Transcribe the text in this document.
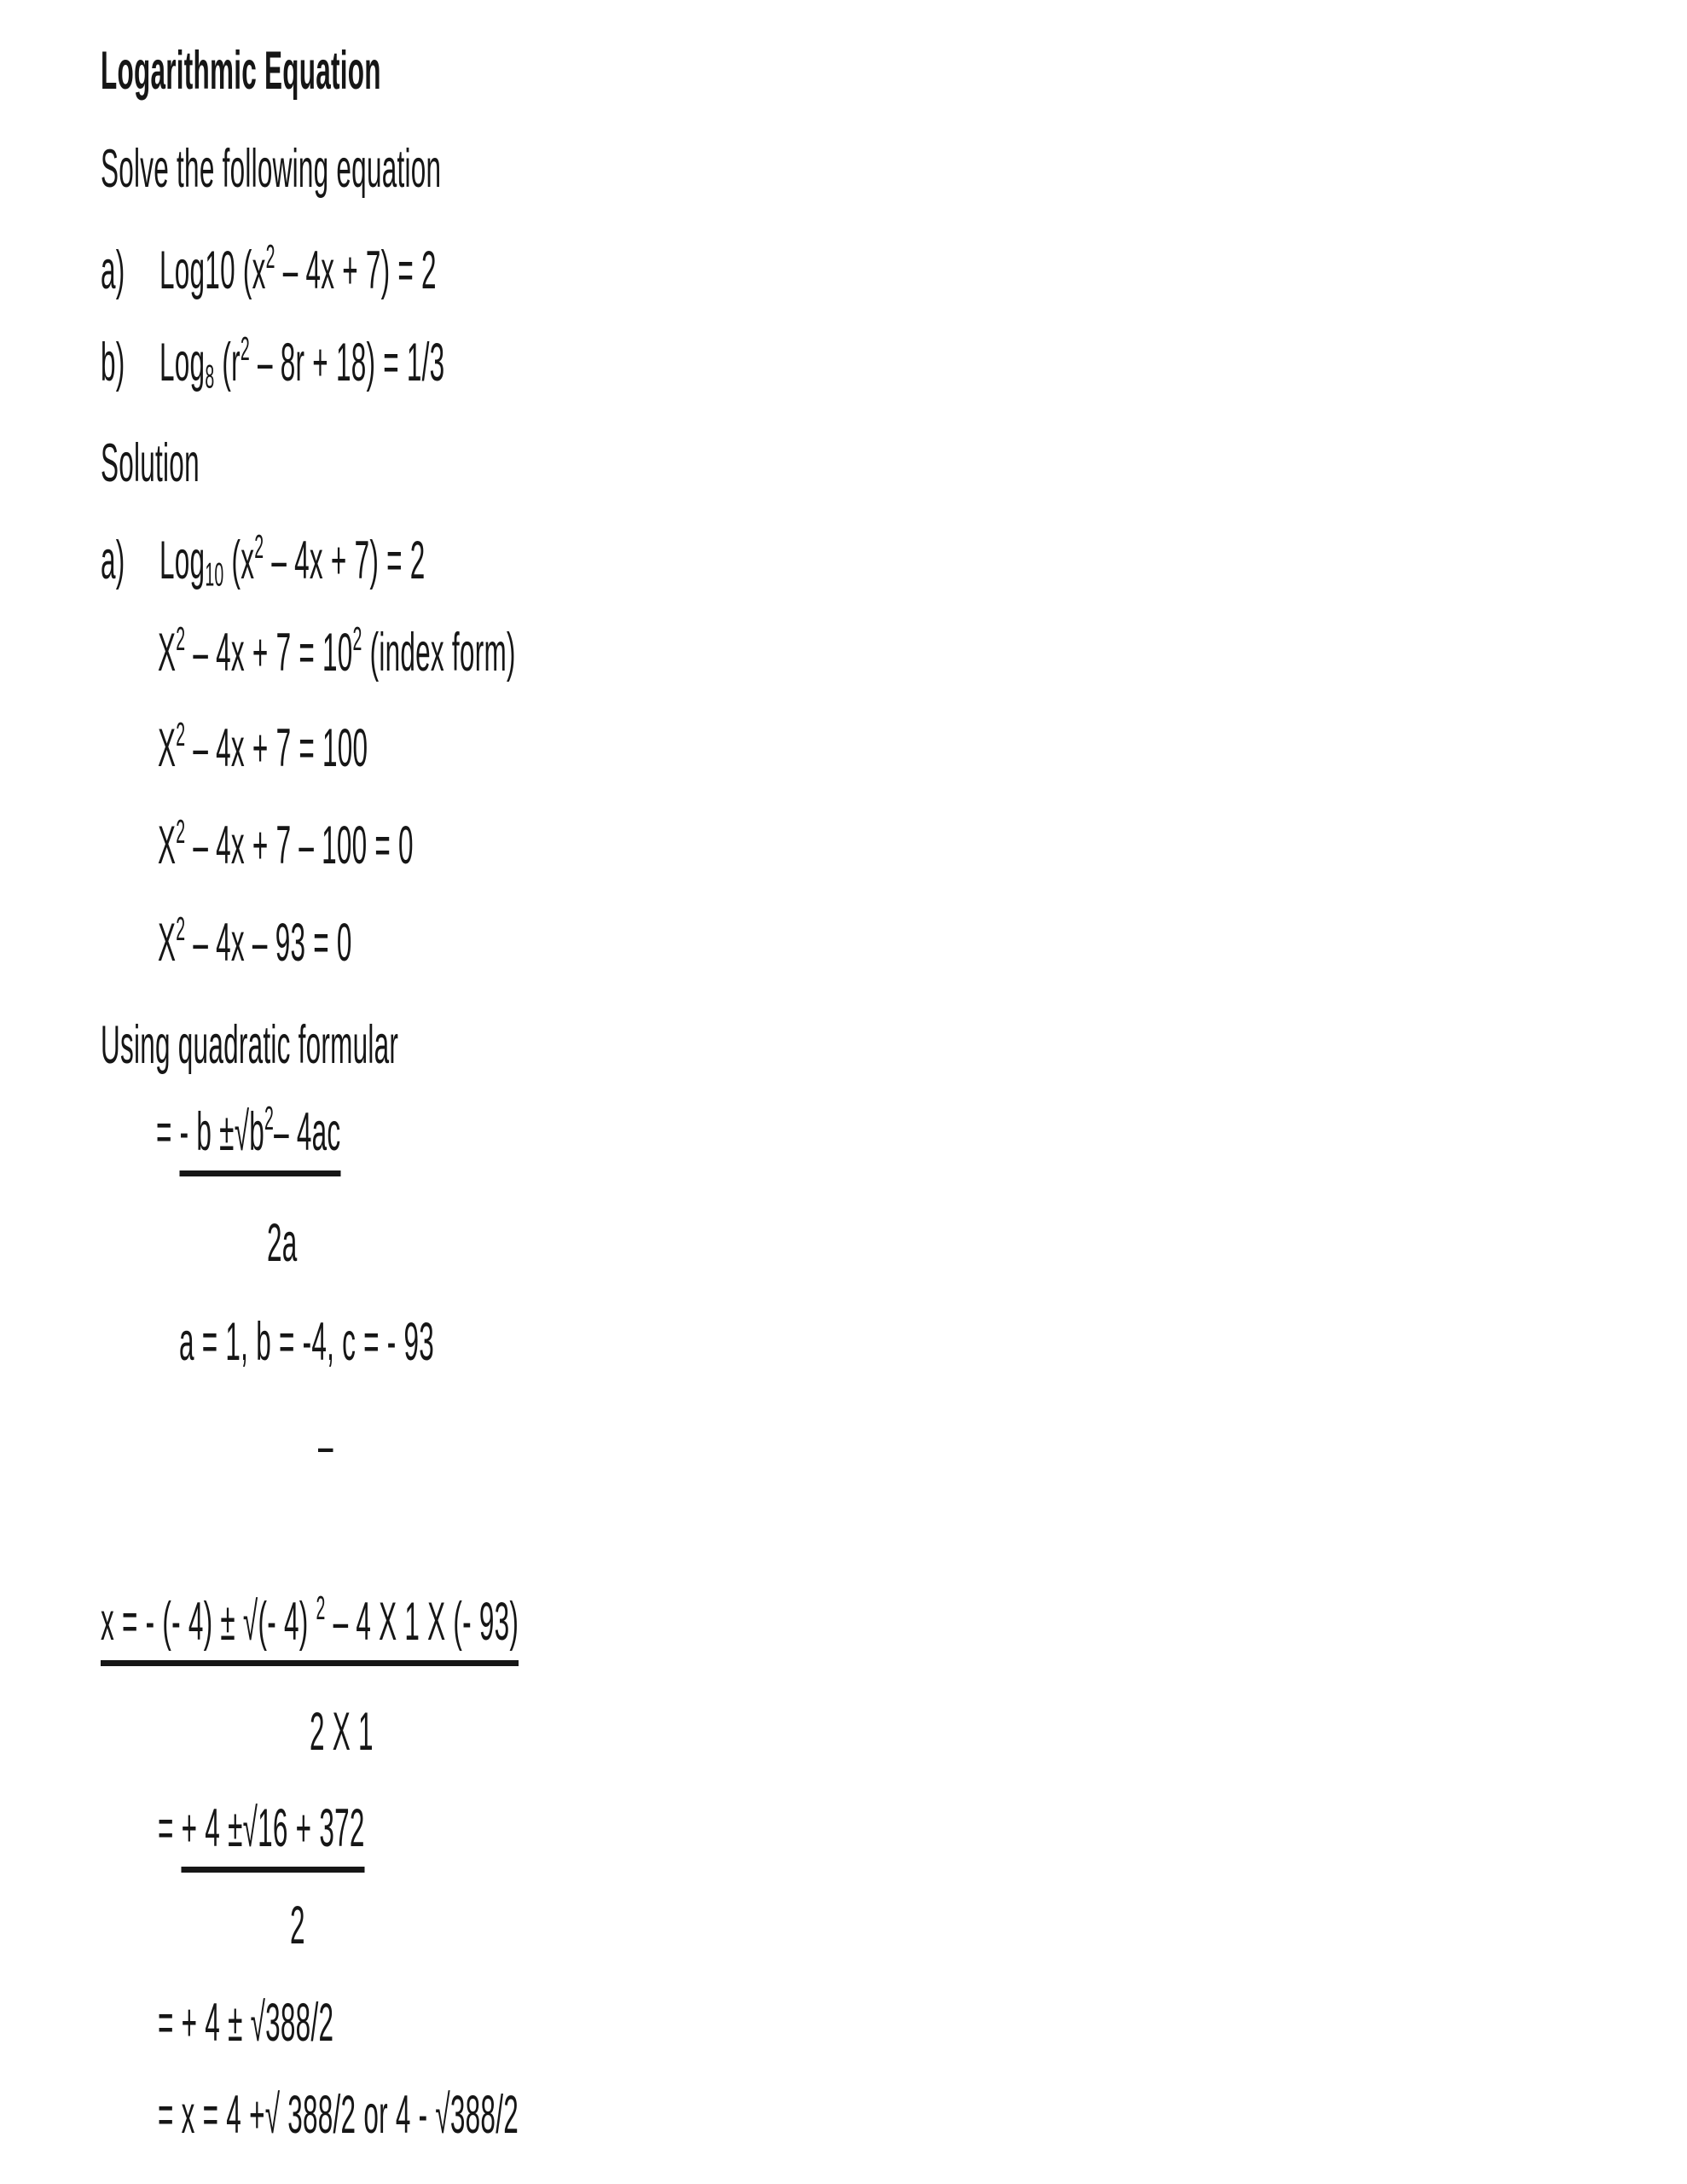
Logarithmic Equation
Solve the following equation
a) Log10 $(x^2 - 4x + 7) = 2$
b) Log$_8$ $(r^2 - 8r + 18) = 1/3$
Solution
a) Log$_{10}$ $(x^2 - 4x + 7) = 2$
$X^2 - 4x + 7 = 10^2$ (index form)
$X^2 - 4x + 7 = 100$
$X^2 - 4x + 7 - 100 = 0$
$X^2 - 4x - 93 = 0$
Using quadratic formular
= - $b \pm√b^2-$ 4ac
2a
a = 1, b = -4, c = - 93
–
x = - (- 4) ± √(- 4) $^2$ – 4 X 1 X (- 93)
2 X 1
= + 4 ±√16 + 372
2
= + 4 ± √388/2
= x = 4 +√ 388/2 or 4 - √388/2
